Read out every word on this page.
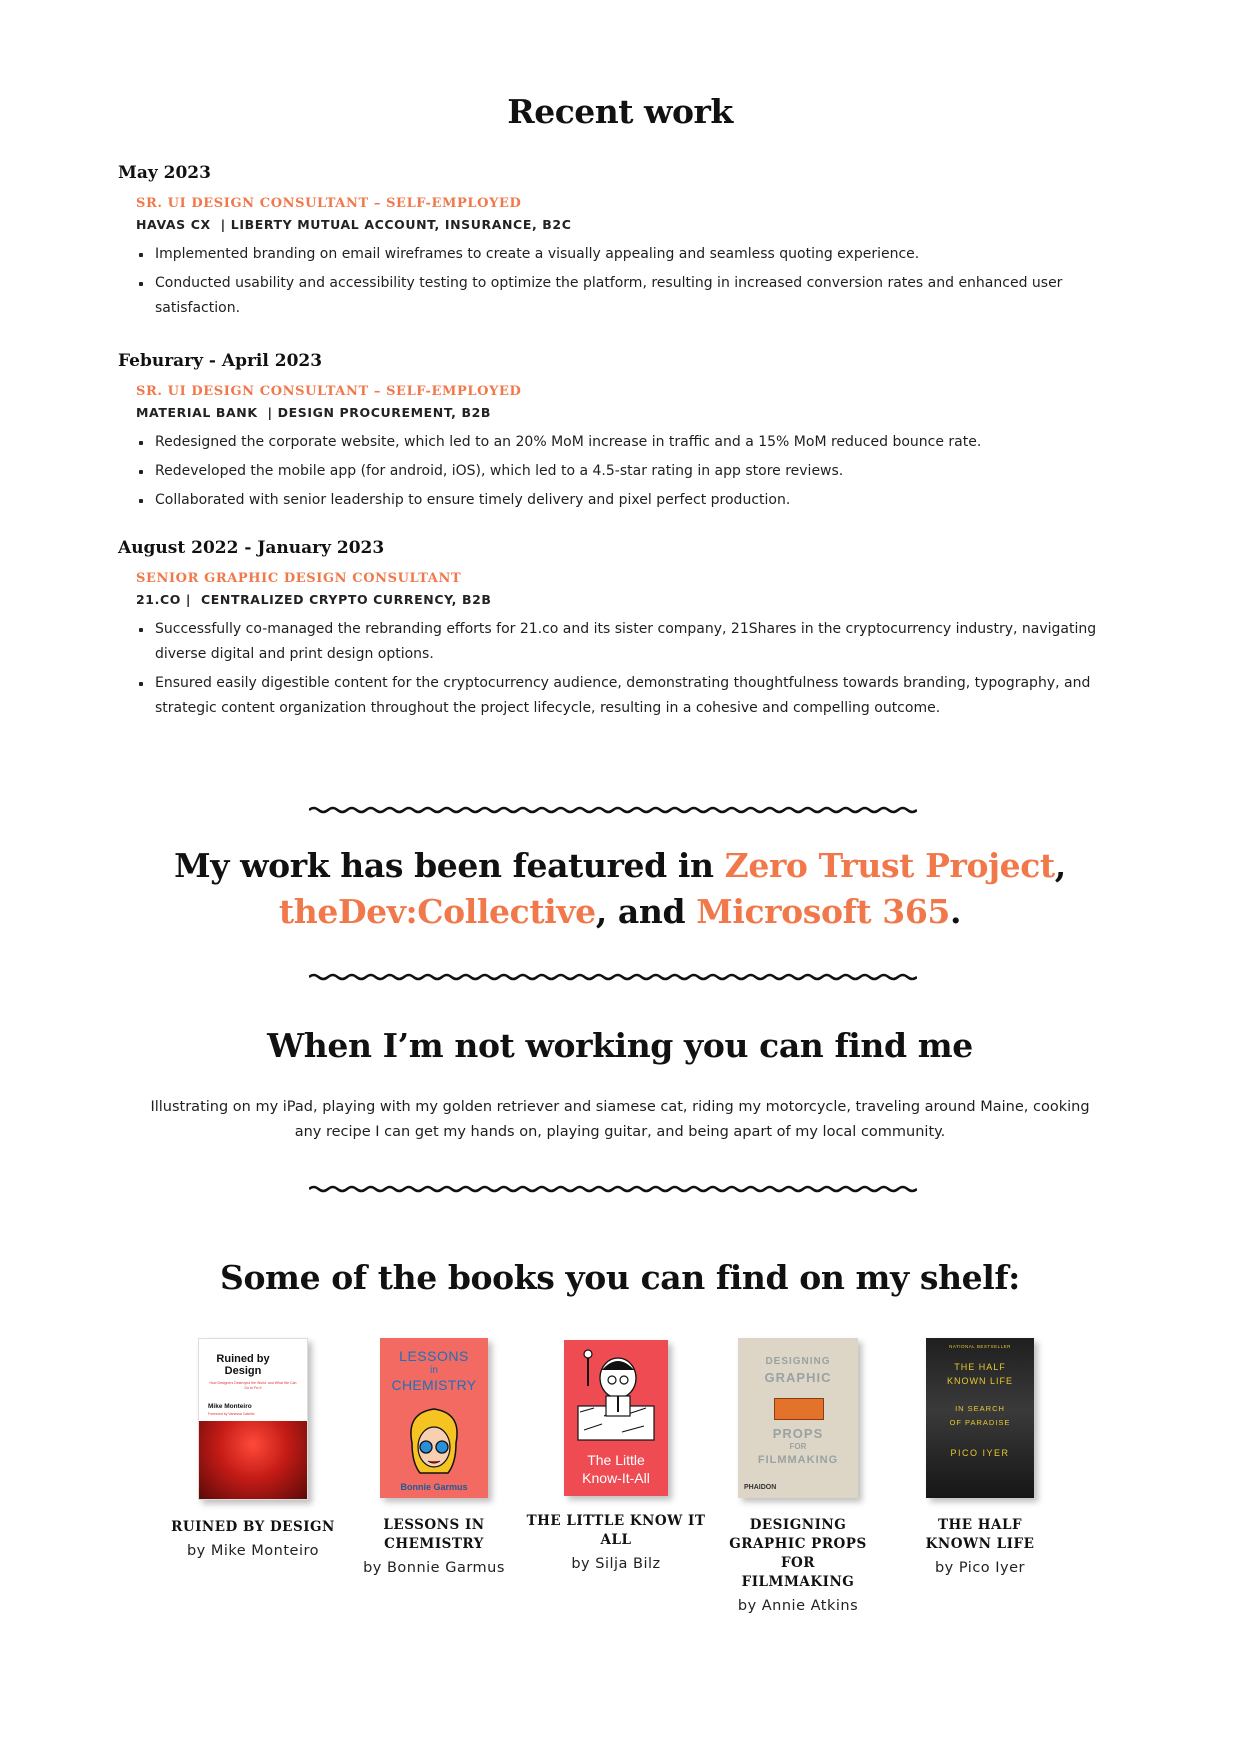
Recent work
May 2023
SR. UI DESIGN CONSULTANT – SELF-EMPLOYED
HAVAS CX  | LIBERTY MUTUAL ACCOUNT, INSURANCE, B2C
Implemented branding on email wireframes to create a visually appealing and seamless quoting experience.
Conducted usability and accessibility testing to optimize the platform, resulting in increased conversion rates and enhanced user satisfaction.
Feburary - April 2023
SR. UI DESIGN CONSULTANT – SELF-EMPLOYED
MATERIAL BANK  | DESIGN PROCUREMENT, B2B
Redesigned the corporate website, which led to an 20% MoM increase in traffic and a 15% MoM reduced bounce rate.
Redeveloped the mobile app (for android, iOS), which led to a 4.5-star rating in app store reviews.
Collaborated with senior leadership to ensure timely delivery and pixel perfect production.
August 2022 - January 2023
SENIOR GRAPHIC DESIGN CONSULTANT
21.CO |  CENTRALIZED CRYPTO CURRENCY, B2B
Successfully co-managed the rebranding efforts for 21.co and its sister company, 21Shares in the cryptocurrency industry, navigating diverse digital and print design options.
Ensured easily digestible content for the cryptocurrency audience, demonstrating thoughtfulness towards branding, typography, and strategic content organization throughout the project lifecycle, resulting in a cohesive and compelling outcome.
My work has been featured in Zero Trust Project,
theDev:Collective, and Microsoft 365.
When I’m not working you can find me

Illustrating on my iPad, playing with my golden retriever and siamese cat, riding my motorcycle, traveling around Maine, cooking any recipe I can get my hands on, playing guitar, and being apart of my local community.

Some of the books you can find on my shelf:
Ruined by Design
How Designers Destroyed the World, and What We Can Do to Fix It
Mike Monteiro
Foreword by Vanessa Cabello
RUINED BY DESIGN
by Mike Monteiro
LESSONS
in
CHEMISTRY
Bonnie Garmus
LESSONS IN CHEMISTRY
by Bonnie Garmus
The Little
Know-It-All
THE LITTLE KNOW IT ALL
by Silja Bilz
DESIGNING
GRAPHIC
PROPS
FOR
FILMMAKING
PHAIDON
DESIGNING GRAPHIC PROPS FOR FILMMAKING
by Annie Atkins
NATIONAL BESTSELLER
THE HALF
KNOWN LIFE
IN SEARCH
OF PARADISE
PICO IYER
THE HALF KNOWN LIFE
by Pico Iyer
